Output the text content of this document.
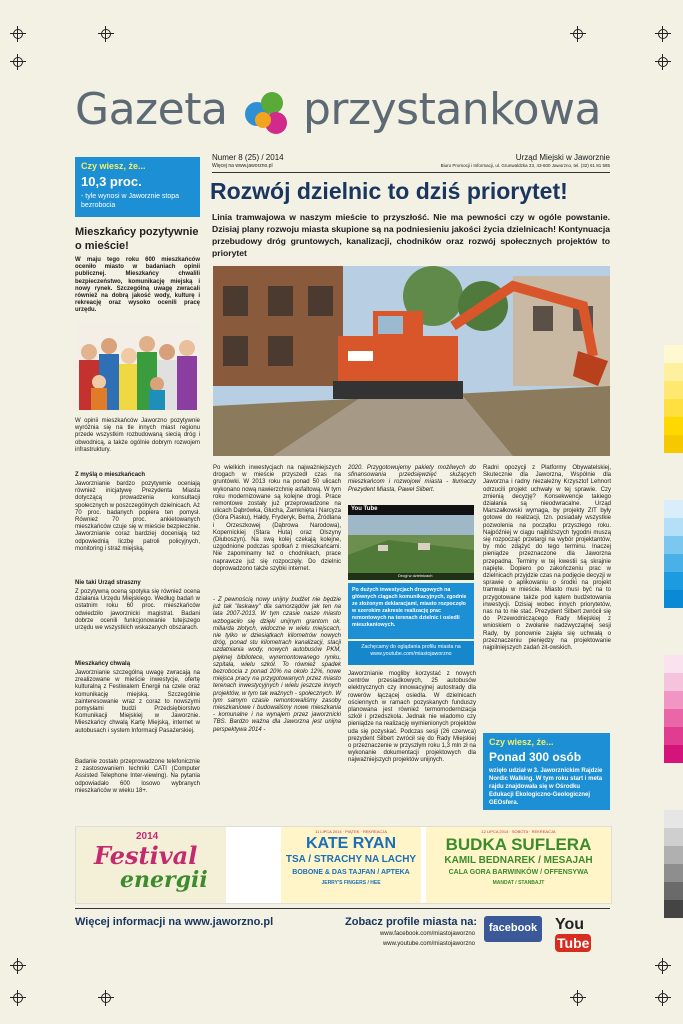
Gazeta przystankowa
Numer 8 (25) / 2014
Więcej na www.jaworzno.pl
Urząd Miejski w Jaworznie
Biuro Promocji i Informacji, ul. Grunwaldzka 33, 43-600 Jaworzno, tel. (32) 61 81 585
Czy wiesz, że...
10,3 proc.
- tyle wynosi w Jaworznie stopa bezrobocia
Mieszkańcy pozytywnie o mieście!
W maju tego roku 600 mieszkańców oceniło miasto w badaniach opinii publicznej. Mieszkańcy chwalili bezpieczeństwo, komunikację miejską i nowy rynek. Szczególną uwagę zwracali również na dobrą jakość wody, kulturę i rekreację oraz wysoko ocenili pracę urzędu.
W opinii mieszkańców Jaworzno pozytywnie wyróżnia się na tle innych miast regionu przede wszystkim rozbudowaną siecią dróg i obwodnicą, a także ogólnie dobrym rozwojem infrastruktury.
Z myślą o mieszkańcach
Jaworznianie bardzo pozytywnie oceniają również inicjatywę Prezydenta Miasta dotyczącą prowadzenia konsultacji społecznych w poszczególnych dzielnicach. Aż 70 proc. badanych popiera ten pomysł. Również 70 proc. ankietowanych mieszkańców czuje się w mieście bezpiecznie. Jaworznianie coraz bardziej doceniają też odpowiednią liczbę patroli policyjnych, monitoring i straż miejską.
Nie taki Urząd straszny
Z pozytywną oceną spotyka się również ocena działania Urzędu Miejskiego. Według badań w ostatnim roku 60 proc. mieszkańców odwiedziło jaworznicki magistrat. Badani dobrze ocenili funkcjonowanie tutejszego urzędu we wszystkich wskazanych obszarach.
Mieszkańcy chwalą
Jaworznianie szczególną uwagę zwracają na zrealizowane w mieście inwestycje, ofertę kulturalną z Festiwalem Energii na czele oraz komunikację miejską. Szczególnie zainteresowanie wraz z coraz to nowszymi pomysłami budzi Przedsiębiorstwo Komunikacji Miejskiej w Jaworznie. Mieszkańcy chwalą Kartę Miejską, internet w autobusach i system Informacji Pasażerskiej.
Badanie zostało przeprowadzone telefonicznie z zastosowaniem techniki CATI (Computer Assisted Telephone Inter-viewing). Na pytania odpowiadało 600 losowo wybranych mieszkańców w wieku 18+.
Rozwój dzielnic to dziś priorytet!
Linia tramwajowa w naszym mieście to przyszłość. Nie ma pewności czy w ogóle powstanie. Dzisiaj plany rozwoju miasta skupione są na podniesieniu jakości życia dzielnicach! Kontynuacja przebudowy dróg gruntowych, kanalizacji, chodników oraz rozwój społecznych projektów to priorytet
Po wielkich inwestycjach na najważniejszych drogach w mieście przyszedł czas na gruntówki. W 2013 roku na ponad 50 ulicach wykonano nową nawierzchnię asfaltową. W tym roku modernizowane są kolejne drogi. Prace remontowe zostały już przeprowadzone na ulicach Dąbrówka, Głucha, Zamknięta i Narcyza (Góra Piasku), Hałdy, Fryderyk, Bema, Źródlana i Orzeszkowej (Dąbrowa Narodowa), Kopernickiej (Stara Huta) oraz Olszyny (Dłuboszyn). Na swą kolej czekają kolejne, uzgodnione podczas spotkań z mieszkańcami. Nie zapominamy też o chodnikach, prace naprawcze już się rozpoczęły. Do dzielnic doprowadzono także szybki internet.
- Z pewnością nowy unijny budżet nie będzie już tak "łaskawy" dla samorządów jak ten na lata 2007-2013. W tym czasie nasze miasto wzbogaciło się dzięki unijnym grantom ok. miliarda złotych, widoczne w wielu miejscach, nie tylko w dziesiątkach kilometrów nowych dróg, ponad stu kilometrach kanalizacji, stacji uzdatniania wody, nowych autobusów PKM, pięknej bibliotece, wyremontowanego rynku, szpitala, wielu szkół. To również spadek bezrobocia z ponad 20% na około 12%, nowe miejsca pracy na przygotowanych przez miasto terenach inwestycyjnych i wielu jeszcze innych projektów, w tym tak ważnych - społecznych. W tym samym czasie remontowaliśmy zasoby mieszkaniowe i budowaliśmy nowe mieszkania - komunalne i na wynajem przez jaworznicki TBS. Bardzo ważna dla Jaworzna jest unijna perspektywa 2014 -
2020. Przygotowujemy pakiety możliwych do sfinansowania przedsięwzięć służących mieszkańcom i rozwojowi miasta - tłumaczy Prezydent Miasta, Paweł Silbert.
You Tube
Drogi w dzielnicach
Po dużych inwestycjach drogowych na głównych ciągach komunikacyjnych, zgodnie ze złożonym deklaracjami, miasto rozpoczęło w szerokim zakresie realizację prac remontowych na terenach dzielnic i osiedli mieszkaniowych.
Zachęcamy do oglądania profilu miasta na www.youtube.com/miastojaworzno
Jaworznianie mogliby korzystać z nowych centrów przesiadkowych, 25 autobusów elektrycznych czy innowacyjnej autostrady dla rowerów łączącej osiedla. W dzielnicach ościennych w ramach pozyskanych funduszy planowana jest również termomodernizacja szkół i przedszkola. Jednak nie wiadomo czy pieniądze na realizację wymienionych projektów uda się pozyskać. Podczas sesji (26 czerwca) prezydent Silbert zwrócił się do Rady Miejskiej o przeznaczenie w przyszłym roku 1,3 mln zł na wykonanie dokumentacji projektowych dla najważniejszych projektów unijnych.
Radni opozycji z Platformy Obywatelskiej, Skutecznie dla Jaworzna, Wspólnie dla Jaworzna i radny niezależny Krzysztof Lehnort odrzucili projekt uchwały w tej sprawie. Czy zmienią decyzję? Konsekwencje takiego działania są nieodwracalne. Urząd Marszałkowski wymaga, by projekty ZIT były gotowe do realizacji, tzn. posiadały wszystkie pozwolenia na początku przyszłego roku. Najpóźniej w ciągu najbliższych tygodni muszą się rozpocząć przetargi na wybór projektantów, by móc zdążyć do tego terminu. Inaczej pieniądze przeznaczone dla Jaworzna przepadną. Terminy w tej kwestii są skrajnie napięte. Dopiero po zakończeniu prac w dzielnicach przyjdzie czas na podjęcie decyzji w sprawie o aplikowaniu o środki na projekt tramwaju w mieście. Miasto musi być na to przygotowane także pod kątem budżetowania inwestycji. Dzisiaj wobec innych priorytetów, nas na to nie stać. Prezydent Silbert zwrócił się do Przewodniczącego Rady Miejskiej z wnioskiem o zwołanie nadzwyczajnej sesji Rady, by ponownie zajęła się uchwałą o przeznaczeniu pieniędzy na projektowanie najpilniejszych zadań zit-owskich.
Czy wiesz, że...
Ponad 300 osób
wzięło udział w 3. Jaworznickim Rajdzie Nordic Walking. W tym roku start i meta rajdu znajdowała się w Ośrodku Edukacji Ekologiczno-Geologicznej GEOsfera.
2014
Festival
energii
11 LIPCA 2014 · PIĄTEK · REKREACJA
KATE RYAN
TSA / STRACHY NA LACHY
BOBONE & DAS TAJFAN / APTEKA
JERRY'S FINGERS / HEE
12 LIPCA 2014 · SOBOTA · REKREACJA
BUDKA SUFLERA
KAMIL BEDNAREK / MESAJAH
CALA GORA BARWINKÓW / OFFENSYWA
MANDAT / STANBAJT
Więcej informacji na www.jaworzno.pl	Zobacz profile miasta na:
www.facebook.com/miastojaworzno
www.youtube.com/miastojaworzno
facebook	YouTube
